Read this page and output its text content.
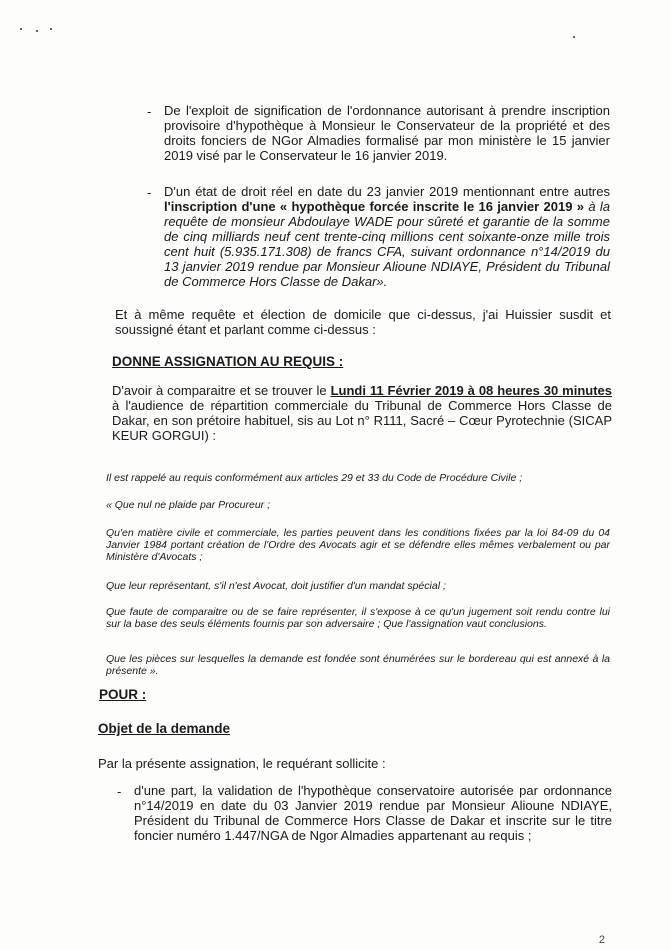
- De l'exploit de signification de l'ordonnance autorisant à prendre inscription provisoire d'hypothèque à Monsieur le Conservateur de la propriété et des droits fonciers de NGor Almadies formalisé par mon ministère le 15 janvier 2019 visé par le Conservateur le 16 janvier 2019.

- D'un état de droit réel en date du 23 janvier 2019 mentionnant entre autres l'inscription d'une « hypothèque forcée inscrite le 16 janvier 2019 » à la requête de monsieur Abdoulaye WADE pour sûreté et garantie de la somme de cinq milliards neuf cent trente-cinq millions cent soixante-onze mille trois cent huit (5.935.171.308) de francs CFA, suivant ordonnance n°14/2019 du 13 janvier 2019 rendue par Monsieur Alioune NDIAYE, Président du Tribunal de Commerce Hors Classe de Dakar».

Et à même requête et élection de domicile que ci-dessus, j'ai Huissier susdit et soussigné étant et parlant comme ci-dessus :

DONNE ASSIGNATION AU REQUIS :

D'avoir à comparaitre et se trouver le Lundi 11 Février 2019 à 08 heures 30 minutes à l'audience de répartition commerciale du Tribunal de Commerce Hors Classe de Dakar, en son prétoire habituel, sis au Lot n° R111, Sacré – Cœur Pyrotechnie (SICAP KEUR GORGUI) :

Il est rappelé au requis conformément aux articles 29 et 33 du Code de Procédure Civile ;

« Que nul ne plaide par Procureur ;

Qu'en matière civile et commerciale, les parties peuvent dans les conditions fixées par la loi 84-09 du 04 Janvier 1984 portant création de l'Ordre des Avocats agir et se défendre elles mêmes verbalement ou par Ministère d'Avocats ;

Que leur représentant, s'il n'est Avocat, doit justifier d'un mandat spécial ;

Que faute de comparaitre ou de se faire représenter, il s'expose à ce qu'un jugement soit rendu contre lui sur la base des seuls éléments fournis par son adversaire ; Que l'assignation vaut conclusions.

Que les pièces sur lesquelles la demande est fondée sont énumérées sur le bordereau qui est annexé à la présente ».

POUR :
Objet de la demande

Par la présente assignation, le requérant sollicite :

- d'une part, la validation de l'hypothèque conservatoire autorisée par ordonnance n°14/2019 en date du 03 Janvier 2019 rendue par Monsieur Alioune NDIAYE, Président du Tribunal de Commerce Hors Classe de Dakar et inscrite sur le titre foncier numéro 1.447/NGA de Ngor Almadies appartenant au requis ;

2
